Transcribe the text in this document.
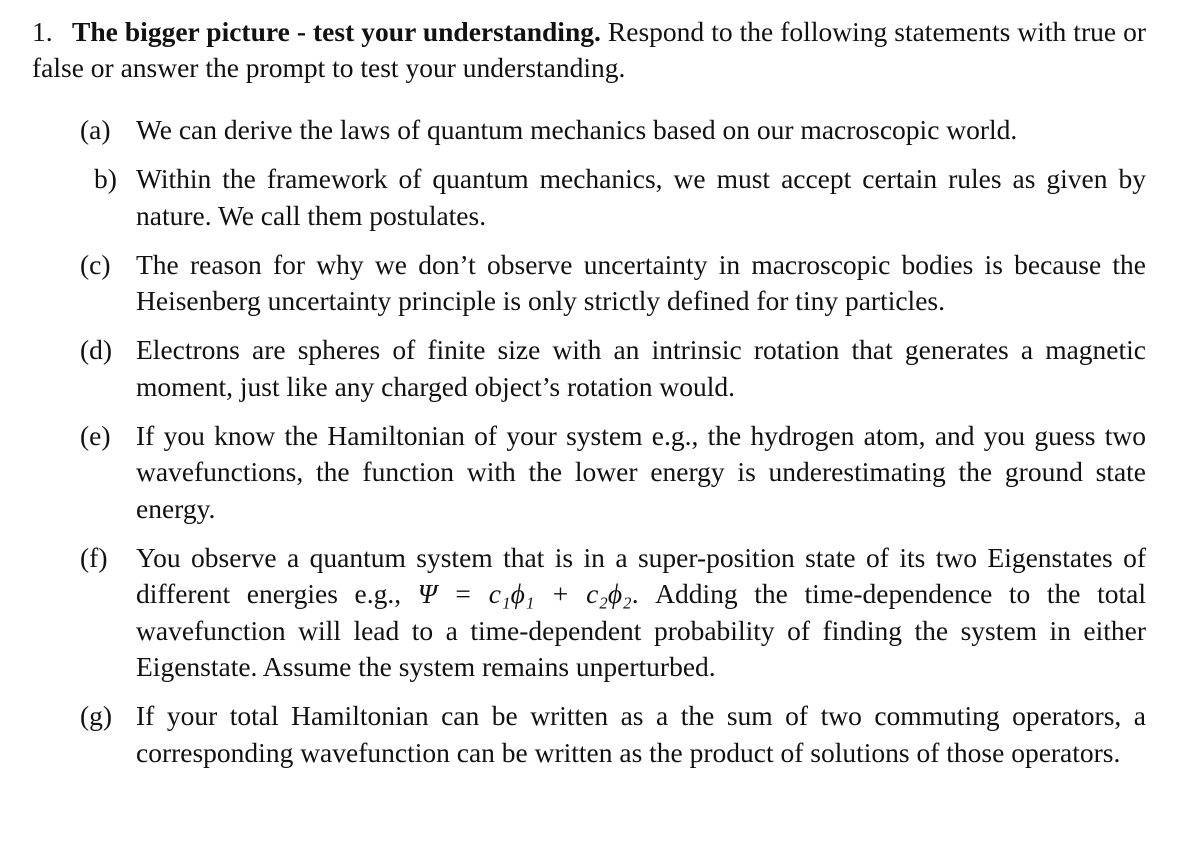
1. The bigger picture - test your understanding. Respond to the following statements with true or false or answer the prompt to test your understanding.
(a) We can derive the laws of quantum mechanics based on our macroscopic world.
b) Within the framework of quantum mechanics, we must accept certain rules as given by nature. We call them postulates.
(c) The reason for why we don’t observe uncertainty in macroscopic bodies is because the Heisenberg uncertainty principle is only strictly defined for tiny particles.
(d) Electrons are spheres of finite size with an intrinsic rotation that generates a magnetic moment, just like any charged object’s rotation would.
(e) If you know the Hamiltonian of your system e.g., the hydrogen atom, and you guess two wavefunctions, the function with the lower energy is underestimating the ground state energy.
(f)	You observe a quantum system that is in a super-position state of its two Eigenstates of different energies e.g., Ψ = c₁ϕ₁ + c₂ϕ₂. Adding the time-dependence to the total wavefunction will lead to a time-dependent probability of finding the system in either Eigenstate. Assume the system remains unperturbed.
(g) If your total Hamiltonian can be written as a the sum of two commuting operators, a corresponding wavefunction can be written as the product of solutions of those operators.
